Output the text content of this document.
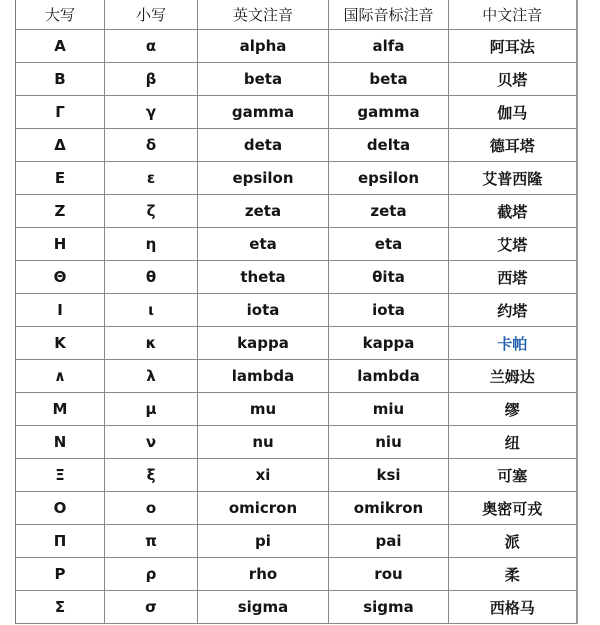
大写	小写	英文注音	国际音标注音	中文注音
Α	α	alpha	alfa	阿耳法
Β	β	beta	beta	贝塔
Γ	γ	gamma	gamma	伽马
Δ	δ	deta	delta	德耳塔
Ε	ε	epsilon	epsilon	艾普西隆
Ζ	ζ	zeta	zeta	截塔
Η	η	eta	eta	艾塔
Θ	θ	theta	θita	西塔
Ι	ι	iota	iota	约塔
Κ	κ	kappa	kappa	卡帕
∧	λ	lambda	lambda	兰姆达
Μ	μ	mu	miu	缪
Ν	ν	nu	niu	纽
Ξ	ξ	xi	ksi	可塞
Ο	ο	omicron	omikron	奥密可戎
Π	π	pi	pai	派
Ρ	ρ	rho	rou	柔
Σ	σ	sigma	sigma	西格马
